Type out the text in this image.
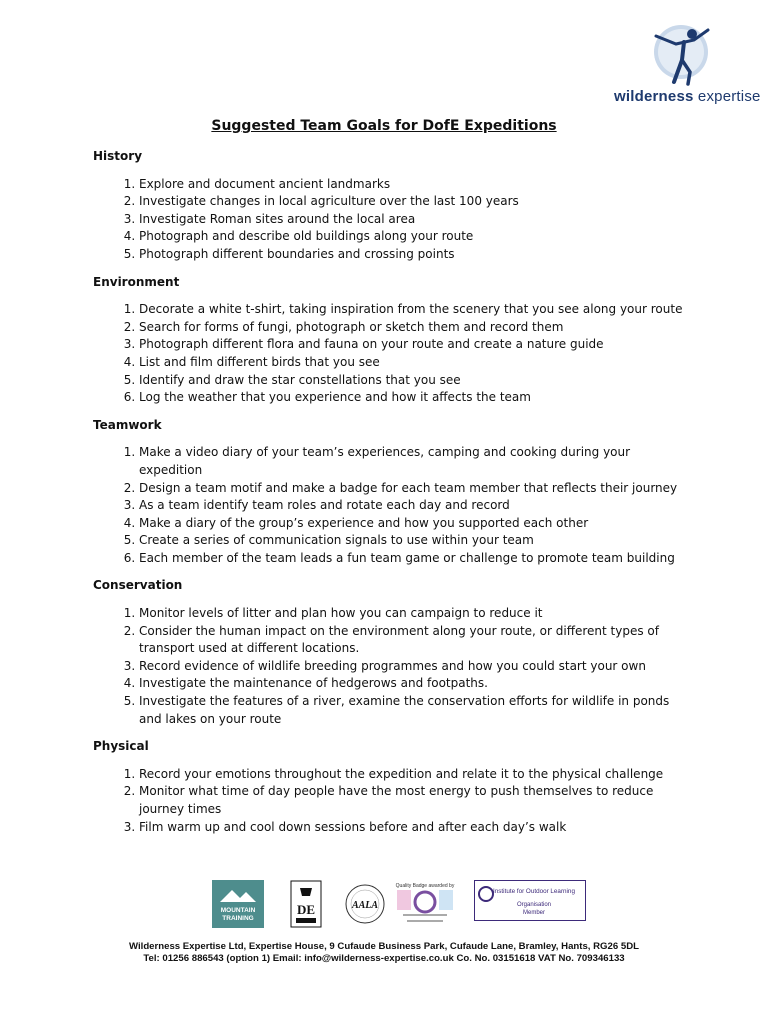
wilderness expertise
Suggested Team Goals for DofE Expeditions

History

1. Explore and document ancient landmarks
2. Investigate changes in local agriculture over the last 100 years
3. Investigate Roman sites around the local area
4. Photograph and describe old buildings along your route
5. Photograph different boundaries and crossing points

Environment

1. Decorate a white t-shirt, taking inspiration from the scenery that you see along your route
2. Search for forms of fungi, photograph or sketch them and record them
3. Photograph different flora and fauna on your route and create a nature guide
4. List and film different birds that you see
5. Identify and draw the star constellations that you see
6. Log the weather that you experience and how it affects the team

Teamwork

1. Make a video diary of your team’s experiences, camping and cooking during your expedition
2. Design a team motif and make a badge for each team member that reflects their journey
3. As a team identify team roles and rotate each day and record
4. Make a diary of the group’s experience and how you supported each other
5. Create a series of communication signals to use within your team
6. Each member of the team leads a fun team game or challenge to promote team building

Conservation

1. Monitor levels of litter and plan how you can campaign to reduce it
2. Consider the human impact on the environment along your route, or different types of transport used at different locations.
3. Record evidence of wildlife breeding programmes and how you could start your own
4. Investigate the maintenance of hedgerows and footpaths.
5. Investigate the features of a river, examine the conservation efforts for wildlife in ponds and lakes on your route

Physical

1. Record your emotions throughout the expedition and relate it to the physical challenge
2. Monitor what time of day people have the most energy to push themselves to reduce journey times
3. Film warm up and cool down sessions before and after each day’s walk
MOUNTAIN
TRAINING
DE	AALA
Quality Badge awarded by
Institute for Outdoor Learning
Organisation
Member
Wilderness Expertise Ltd, Expertise House, 9 Cufaude Business Park, Cufaude Lane, Bramley, Hants, RG26 5DL
Tel: 01256 886543 (option 1) Email: info@wilderness-expertise.co.uk Co. No. 03151618 VAT No. 709346133
